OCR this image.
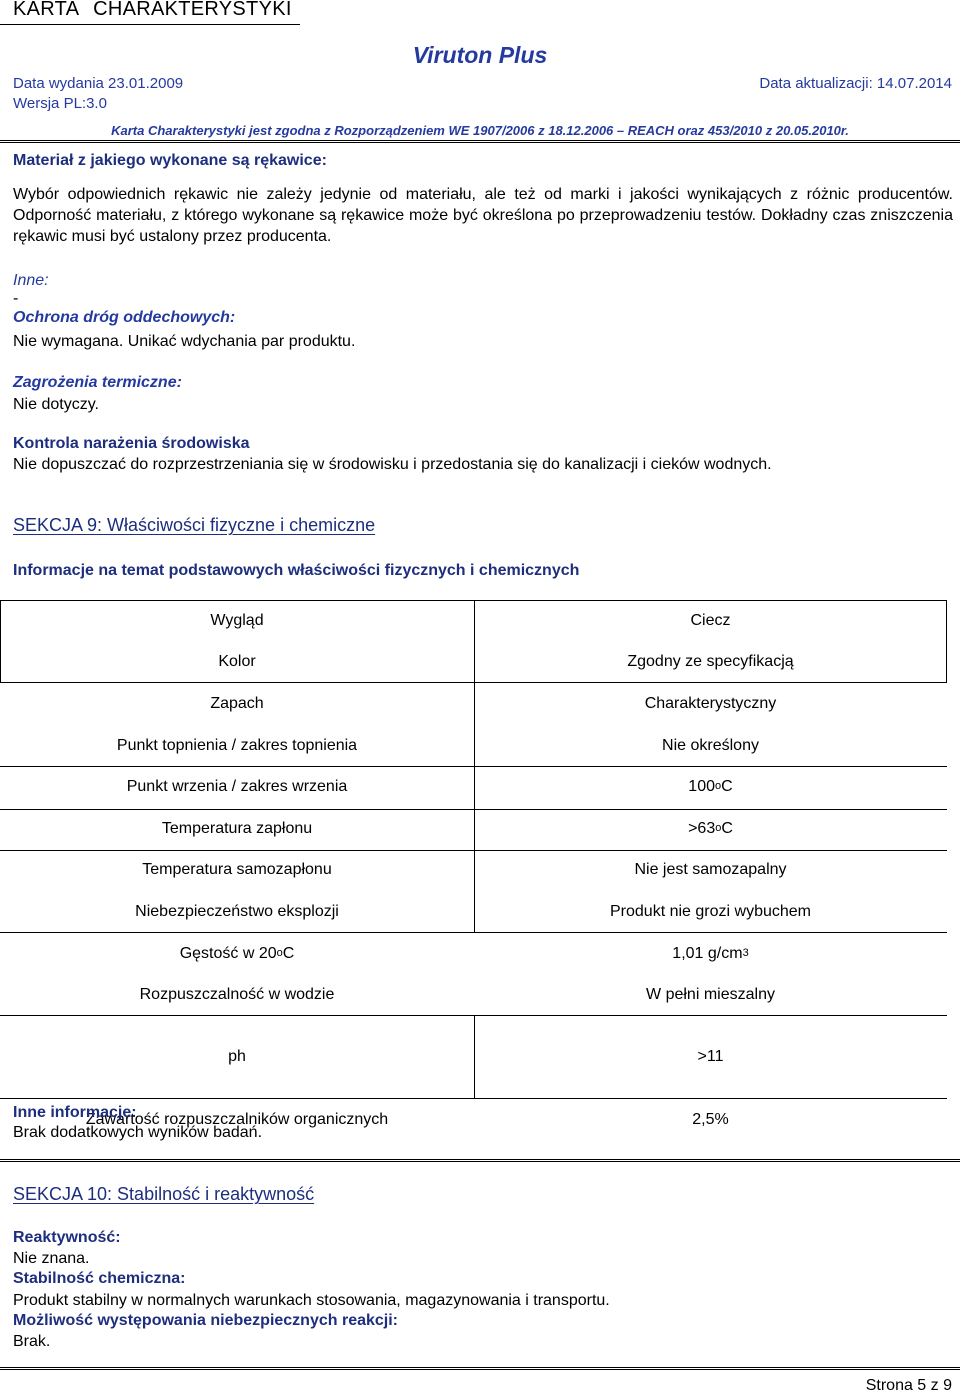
KARTA CHARAKTERYSTYKI
Viruton Plus
Data wydania 23.01.2009	Data aktualizacji: 14.07.2014
Wersja PL:3.0
Karta Charakterystyki jest zgodna z Rozporządzeniem WE 1907/2006 z 18.12.2006 – REACH oraz 453/2010 z 20.05.2010r.
Materiał z jakiego wykonane są rękawice:
Wybór odpowiednich rękawic nie zależy jedynie od materiału, ale też od marki i jakości wynikających z różnic producentów. Odporność materiału, z którego wykonane są rękawice może być określona po przeprowadzeniu testów. Dokładny czas zniszczenia rękawic musi być ustalony przez producenta.
Inne:
-
Ochrona dróg oddechowych:
Nie wymagana. Unikać wdychania par produktu.
Zagrożenia termiczne:
Nie dotyczy.
Kontrola narażenia środowiska
Nie dopuszczać do rozprzestrzeniania się w środowisku i przedostania się do kanalizacji i cieków wodnych.
SEKCJA 9: Właściwości fizyczne i chemiczne
Informacje na temat podstawowych właściwości fizycznych i chemicznych
Wygląd	Ciecz
Kolor	Zgodny ze specyfikacją
Zapach	Charakterystyczny
Punkt topnienia / zakres topnienia	Nie określony
Punkt wrzenia / zakres wrzenia	100$^o$ C
Temperatura zapłonu	$>63^o$ C
Temperatura samozapłonu	Nie jest samozapalny
Niebezpieczeństwo eksplozji	Produkt nie grozi wybuchem
Gęstość w 20$^o$ C	1,01 $g/cm^3$
Rozpuszczalność w wodzie	W pełni mieszalny
ph	>11
Zawartość rozpuszczalników organicznych	2,5%
Inne informacje:
Brak dodatkowych wyników badań.
SEKCJA 10: Stabilność i reaktywność
Reaktywność:
Nie znana.
Stabilność chemiczna:
Produkt stabilny w normalnych warunkach stosowania, magazynowania i transportu.
Możliwość występowania niebezpiecznych reakcji:
Brak.
Strona 5 z 9
